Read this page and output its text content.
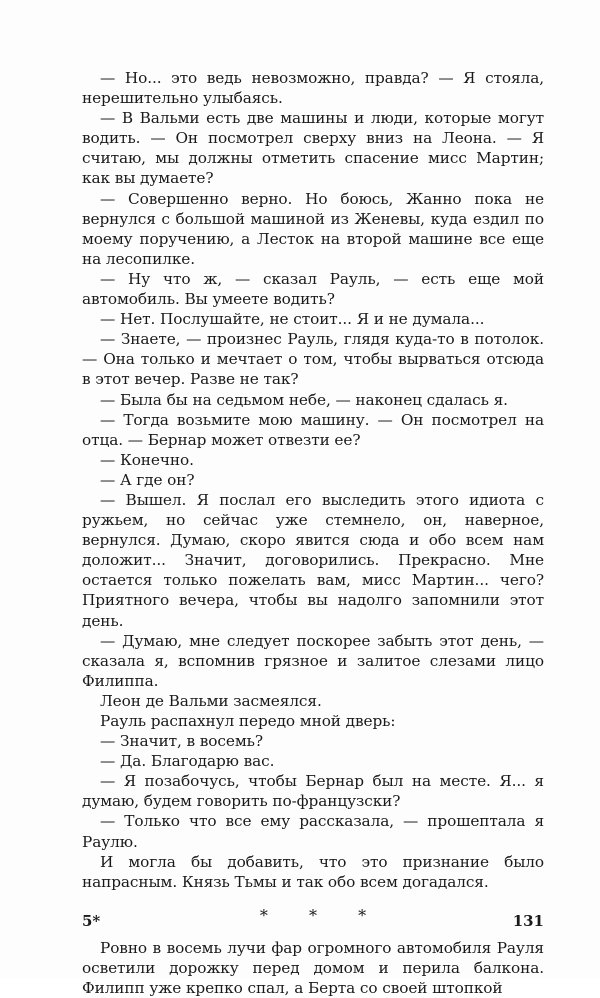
— Но... это ведь невозможно, правда? — Я стояла, нерешительно улыбаясь.

— В Вальми есть две машины и люди, которые могут водить. — Он посмотрел сверху вниз на Леона. — Я считаю, мы должны отметить спасение мисс Мартин; как вы думаете?

— Совершенно верно. Но боюсь, Жанно пока не вернулся с большой машиной из Женевы, куда ездил по моему поручению, а Лесток на второй машине все еще на лесопилке.

— Ну что ж, — сказал Рауль, — есть еще мой автомобиль. Вы умеете водить?

— Нет. Послушайте, не стоит... Я и не думала...

— Знаете, — произнес Рауль, глядя куда-то в потолок. — Она только и мечтает о том, чтобы вырваться отсюда в этот вечер. Разве не так?

— Была бы на седьмом небе, — наконец сдалась я.

— Тогда возьмите мою машину. — Он посмотрел на отца. — Бернар может отвезти ее?

— Конечно.

— А где он?

— Вышел. Я послал его выследить этого идиота с ружьем, но сейчас уже стемнело, он, наверное, вернулся. Думаю, скоро явится сюда и обо всем нам доложит... Значит, договорились. Прекрасно. Мне остается только пожелать вам, мисс Мартин... чего? Приятного вечера, чтобы вы надолго запомнили этот день.

— Думаю, мне следует поскорее забыть этот день, — сказала я, вспомнив грязное и залитое слезами лицо Филиппа.

Леон де Вальми засмеялся.

Рауль распахнул передо мной дверь:

— Значит, в восемь?

— Да. Благодарю вас.

— Я позабочусь, чтобы Бернар был на месте. Я... я думаю, будем говорить по-французски?

— Только что все ему рассказала, — прошептала я Раулю.

И могла бы добавить, что это признание было напрасным. Князь Тьмы и так обо всем догадался.

* * *

Ровно в восемь лучи фар огромного автомобиля Рауля осветили дорожку перед домом и перила балкона. Филипп уже крепко спал, а Берта со своей штопкой

5*	131
